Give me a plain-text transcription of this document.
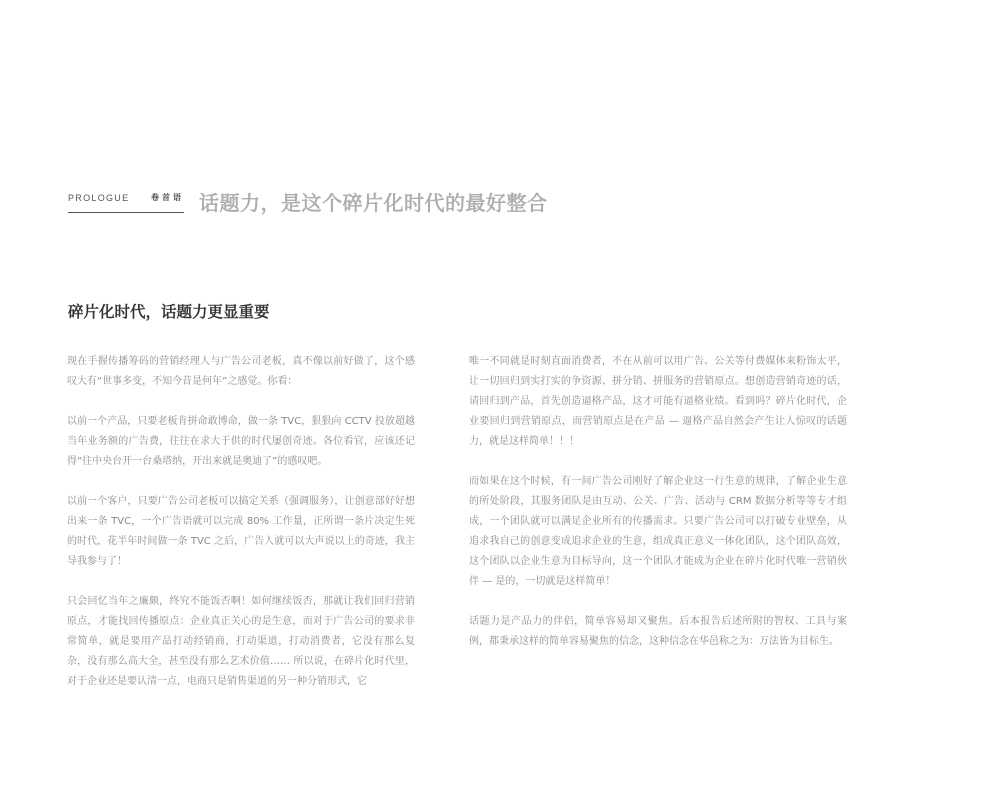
PROLOGUE	卷首语 话题力，是这个碎片化时代的最好整合
碎片化时代，话题力更显重要

现在手握传播筹码的营销经理人与广告公司老板，真不像以前好做了，这个感叹大有“世事多变，不知今昔是何年”之感觉。你看：

以前一个产品，只要老板肯拼命敢博命，做一条 TVC，狠狠向 CCTV 投放超越当年业务额的广告费，往往在求大于供的时代屡创奇迹。各位看官，应该还记得“往中央台开一台桑塔纳，开出来就是奥迪了”的感叹吧。

以前一个客户，只要广告公司老板可以搞定关系（强调服务），让创意部好好想出来一条 TVC，一个广告语就可以完成 80% 工作量，正所谓一条片决定生死的时代，花半年时间做一条 TVC 之后，广告人就可以大声说以上的奇迹，我主导我参与了！

只会回忆当年之廉颇，终究不能饭否啊！如何继续饭否，那就让我们回归营销原点，才能找回传播原点：企业真正关心的是生意，而对于广告公司的要求非常简单，就是要用产品打动经销商，打动渠道，打动消费者，它没有那么复杂，没有那么高大全，甚至没有那么艺术价值…… 所以说，在碎片化时代里，对于企业还是要认清一点，电商只是销售渠道的另一种分销形式，它

唯一不同就是时刻直面消费者，不在从前可以用广告、公关等付费媒体来粉饰太平，让一切回归到实打实的争资源、拼分销、拼服务的营销原点。想创造营销奇迹的话，请回归到产品，首先创造逼格产品，这才可能有逼格业绩。看到吗？碎片化时代，企业要回归到营销原点，而营销原点是在产品 — 逼格产品自然会产生让人惊叹的话题力，就是这样简单！！！

而如果在这个时候，有一间广告公司刚好了解企业这一行生意的规律，了解企业生意的所处阶段，其服务团队是由互动、公关、广告、活动与 CRM 数据分析等等专才组成，一个团队就可以满足企业所有的传播需求。只要广告公司可以打破专业壁垒，从追求我自己的创意变成追求企业的生意，组成真正意义一体化团队，这个团队高效，这个团队以企业生意为目标导向，这一个团队才能成为企业在碎片化时代唯一营销伙伴 — 是的，一切就是这样简单！

话题力是产品力的伴侣，简单容易却又聚焦。后本报告后述所附的智权、工具与案例，都秉承这样的简单容易聚焦的信念，这种信念在华邑称之为：万法皆为目标生。
